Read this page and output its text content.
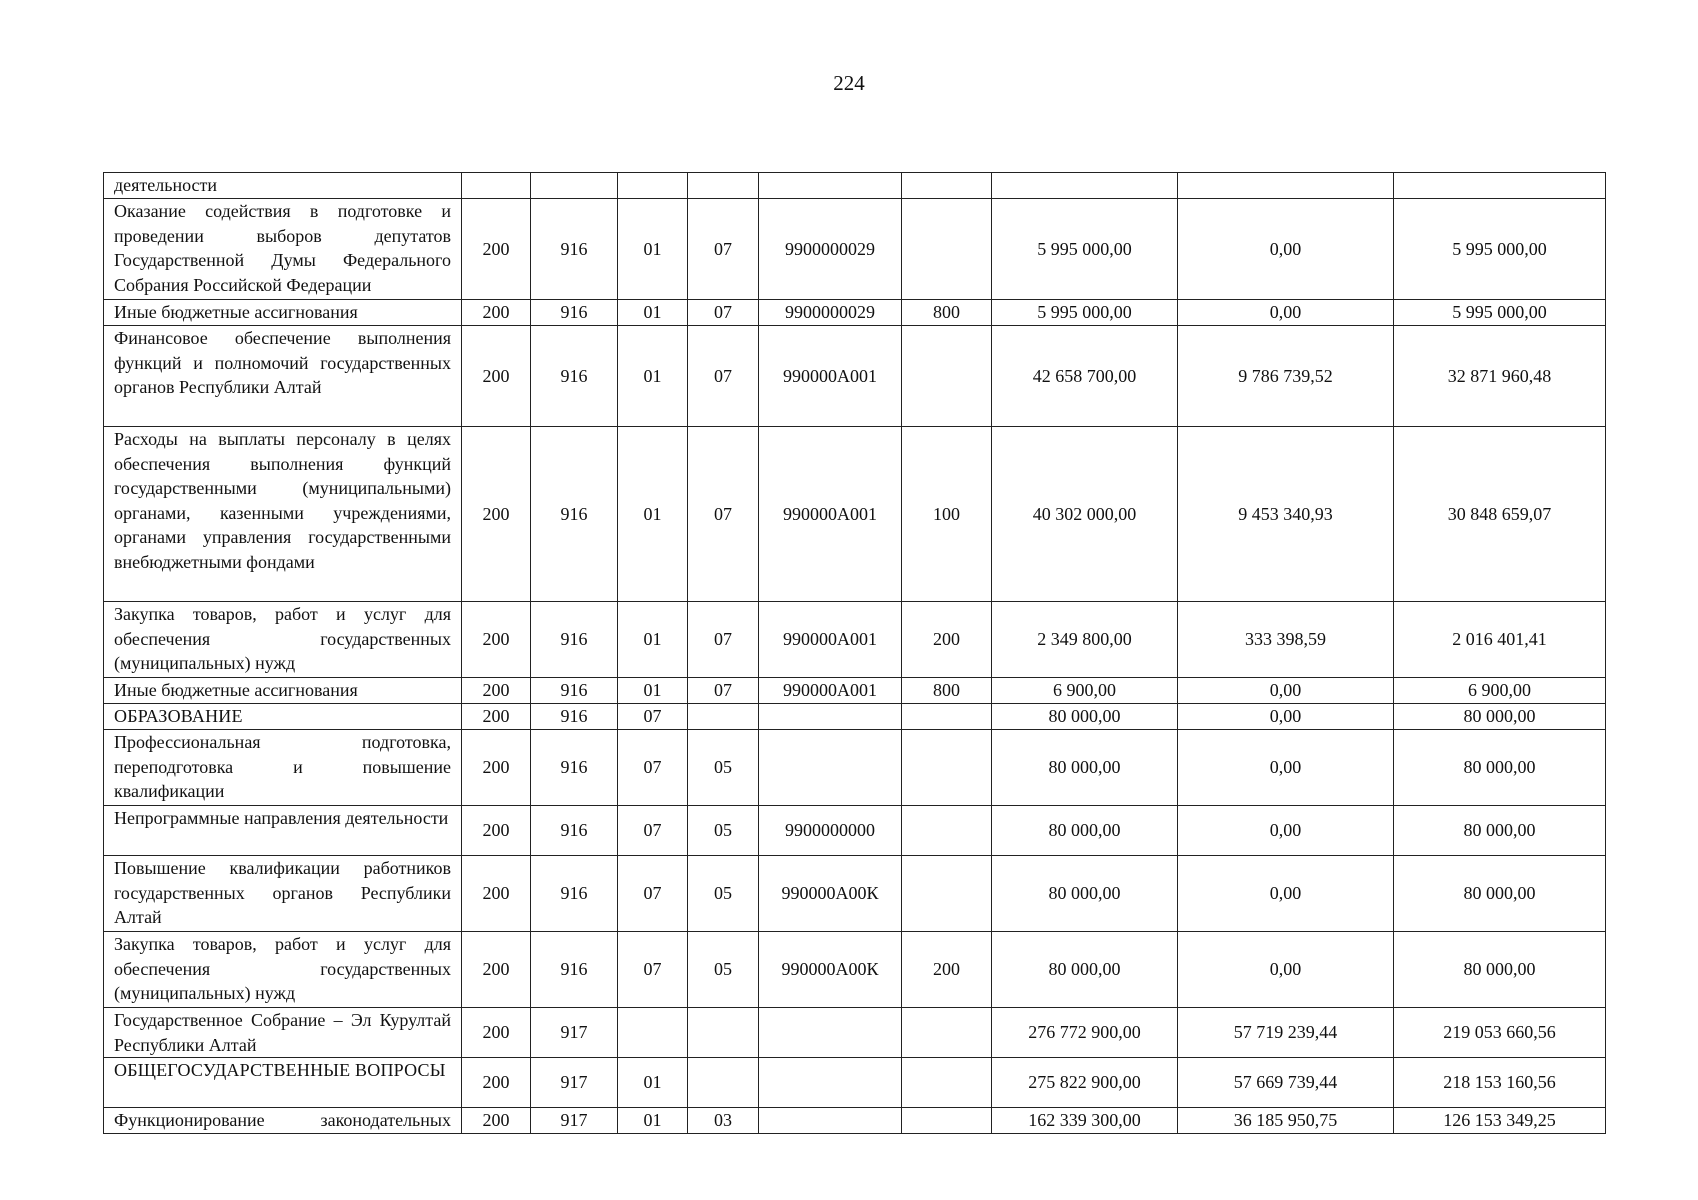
224
деятельности									
Оказание содействия в подготовке и проведении выборов депутатов Государственной Думы Федерального Собрания Российской Федерации	200	916	01	07	9900000029		5 995 000,00	0,00	5 995 000,00
Иные бюджетные ассигнования	200	916	01	07	9900000029	800	5 995 000,00	0,00	5 995 000,00
Финансовое обеспечение выполнения функций и полномочий государственных органов Республики Алтай	200	916	01	07	990000А001		42 658 700,00	9 786 739,52	32 871 960,48
Расходы на выплаты персоналу в целях обеспечения выполнения функций государственными (муниципальными) органами, казенными учреждениями, органами управления государственными внебюджетными фондами	200	916	01	07	990000А001	100	40 302 000,00	9 453 340,93	30 848 659,07
Закупка товаров, работ и услуг для обеспечения государственных (муниципальных) нужд	200	916	01	07	990000А001	200	2 349 800,00	333 398,59	2 016 401,41
Иные бюджетные ассигнования	200	916	01	07	990000А001	800	6 900,00	0,00	6 900,00
ОБРАЗОВАНИЕ	200	916	07				80 000,00	0,00	80 000,00
Профессиональная подготовка, переподготовка и повышение квалификации	200	916	07	05			80 000,00	0,00	80 000,00
Непрограммные направления деятельности	200	916	07	05	9900000000		80 000,00	0,00	80 000,00
Повышение квалификации работников государственных органов Республики Алтай	200	916	07	05	990000А00К		80 000,00	0,00	80 000,00
Закупка товаров, работ и услуг для обеспечения государственных (муниципальных) нужд	200	916	07	05	990000А00К	200	80 000,00	0,00	80 000,00
Государственное Собрание – Эл Курултай Республики Алтай	200	917					276 772 900,00	57 719 239,44	219 053 660,56
ОБЩЕГОСУДАРСТВЕННЫЕ ВОПРОСЫ	200	917	01				275 822 900,00	57 669 739,44	218 153 160,56
Функционирование законодательных	200	917	01	03			162 339 300,00	36 185 950,75	126 153 349,25
